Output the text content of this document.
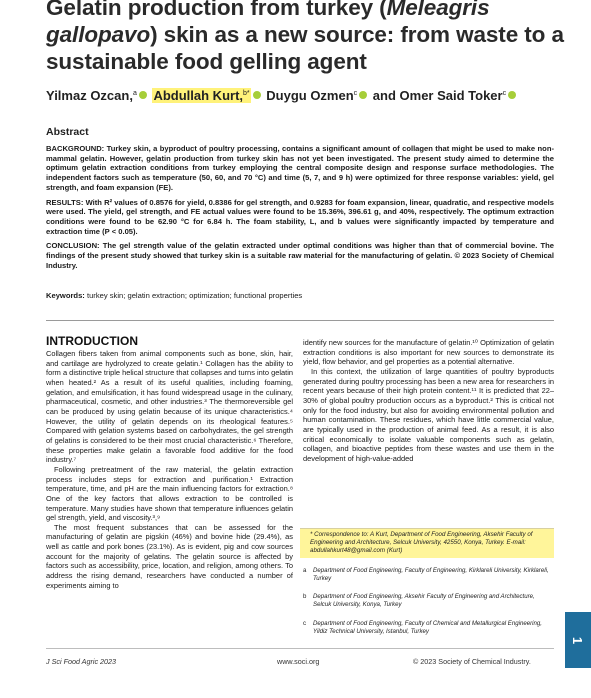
Gelatin production from turkey (Meleagris gallopavo) skin as a new source: from waste to a sustainable food gelling agent
Yilmaz Ozcan,$^a$ Abdullah Kurt,$^{b*}$ Duygu Ozmen$^c$ and Omer Said Toker$^c$
Abstract

BACKGROUND: Turkey skin, a byproduct of poultry processing, contains a significant amount of collagen that might be used to make non-mammal gelatin. However, gelatin production from turkey skin has not yet been investigated. The present study aimed to determine the optimum gelatin extraction conditions from turkey employing the central composite design and response surface methodologies. The independent factors such as temperature (50, 60, and 70 °C) and time (5, 7, and 9 h) were optimized for three response variables: yield, gel strength, and foam expansion (FE).

RESULTS: With R² values of 0.8576 for yield, 0.8386 for gel strength, and 0.9283 for foam expansion, linear, quadratic, and respective models were used. The yield, gel strength, and FE actual values were found to be 15.36%, 396.61 g, and 40%, respectively. The optimum extraction conditions were found to be 62.90 °C for 6.84 h. The foam stability, L, and b values were significantly impacted by temperature and extraction time (P < 0.05).

CONCLUSION: The gel strength value of the gelatin extracted under optimal conditions was higher than that of commercial bovine. The findings of the present study showed that turkey skin is a suitable raw material for the manufacturing of gelatin. © 2023 Society of Chemical Industry.

Keywords: turkey skin; gelatin extraction; optimization; functional properties
INTRODUCTION

Collagen fibers taken from animal components such as bone, skin, hair, and cartilage are hydrolyzed to create gelatin.¹ Collagen has the ability to form a distinctive triple helical structure that collapses and turns into gelatin when heated.² As a result of its useful qualities, including foaming, gelation, and emulsification, it has found widespread usage in the culinary, pharmaceutical, cosmetic, and other industries.³ The thermoreversible gel can be produced by using gelatin because of its unique characteristics.⁴ However, the utility of gelatin depends on its rheological features.⁵ Compared with gelation systems based on carbohydrates, the gel strength of gelatins is considered to be their most crucial characteristic.⁶ Therefore, these properties make gelatin a favorable food additive for the food industry.⁷

Following pretreatment of the raw material, the gelatin extraction process includes steps for extraction and purification.¹ Extraction temperature, time, and pH are the main influencing factors for extraction.⁸ One of the key factors that allows extraction to be controlled is temperature. Many studies have shown that temperature influences gelatin gel strength, yield, and viscosity.³,⁹

The most frequent substances that can be assessed for the manufacturing of gelatin are pigskin (46%) and bovine hide (29.4%), as well as cattle and pork bones (23.1%). As is evident, pig and cow sources account for the majority of gelatins. The gelatin source is affected by factors such as accessibility, price, location, and religion, among others. To address the rising demand, researchers have conducted a number of experiments aiming to

identify new sources for the manufacture of gelatin.¹⁰ Optimization of gelatin extraction conditions is also important for new sources to demonstrate its yield, flow behavior, and gel properties as a potential alternative.

In this context, the utilization of large quantities of poultry byproducts generated during poultry processing has been a new area for researchers in recent years because of their high protein content.¹¹ It is predicted that 22–30% of global poultry production occurs as a byproduct.² This is critical not only for the food industry, but also for avoiding environmental pollution and human contamination. These residues, which have little commercial value, are typically used in the production of animal feed. As a result, it is also critical economically to isolate valuable components such as gelatin, collagen, and bioactive peptides from these wastes and use them in the development of high-value-added

* Correspondence to: A Kurt, Department of Food Engineering, Aksehir Faculty of Engineering and Architecture, Selcuk University, 42550, Konya, Turkey. E-mail: abdullahkurt48@gmail.com (Kurt)
a	Department of Food Engineering, Faculty of Engineering, Kirklareli University, Kirklareli, Turkey
b	Department of Food Engineering, Aksehir Faculty of Engineering and Architecture, Selcuk University, Konya, Turkey
c	Department of Food Engineering, Faculty of Chemical and Metallurgical Engineering, Yildiz Technical University, Istanbul, Turkey
J Sci Food Agric 2023	www.soci.org	© 2023 Society of Chemical Industry.
1
